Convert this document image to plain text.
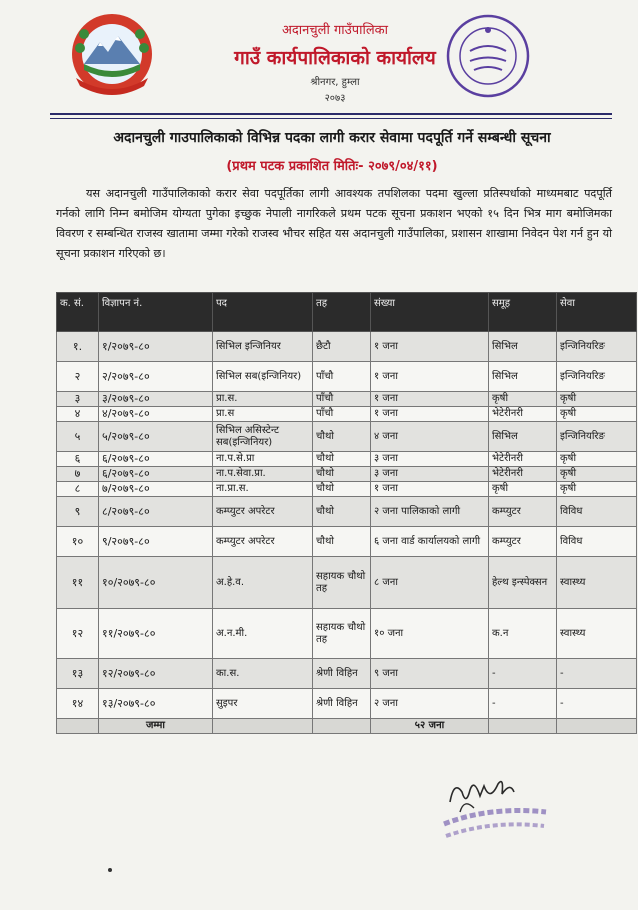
अदानचुली गाउँपालिका
गाउँ कार्यपालिकाको कार्यालय
श्रीनगर, हुम्ला
२०७३
अदानचुली गाउपालिकाको विभिन्न पदका लागी करार सेवामा पदपूर्ति गर्ने सम्बन्धी सूचना
(प्रथम पटक प्रकाशित मितिः- २०७९/०४/११)
यस अदानचुली गाउँपालिकाको करार सेवा पदपूर्तिका लागी आवश्यक तपशिलका पदमा खुल्ला प्रतिस्पर्धाको माध्यमबाट पदपूर्ति गर्नको लागि निम्न बमोजिम योग्यता पुगेका इच्छुक नेपाली नागरिकले प्रथम पटक सूचना प्रकाशन भएको १५ दिन भित्र माग बमोजिमका विवरण र सम्बन्धित राजस्व खातामा जम्मा गरेको राजस्व भौचर सहित यस अदानचुली गाउँपालिका, प्रशासन शाखामा निवेदन पेश गर्न हुन यो सूचना प्रकाशन गरिएको छ।
क. सं.	विज्ञापन नं.	पद	तह	संख्या	समूह	सेवा
१.	१/२०७९-८०	सिभिल इन्जिनियर	छैटौ	१ जना	सिभिल	इन्जिनियरिङ
२	२/२०७९-८०	सिभिल सब(इन्जिनियर)	पाँचौ	१ जना	सिभिल	इन्जिनियरिङ
३	३/२०७९-८०	प्रा.स.	पाँचौ	१ जना	कृषी	कृषी
४	४/२०७९-८०	प्रा.स	पाँचौ	१ जना	भेटेरीनरी	कृषी
५	५/२०७९-८०	सिभिल असिस्टेन्ट सब(इन्जिनियर)	चौथो	४ जना	सिभिल	इन्जिनियरिङ
६	६/२०७९-८०	ना.प.से.प्रा	चौथो	३ जना	भेटेरीनरी	कृषी
७	६/२०७९-८०	ना.प.सेवा.प्रा.	चौथो	३ जना	भेटेरीनरी	कृषी
८	७/२०७९-८०	ना.प्रा.स.	चौथो	१ जना	कृषी	कृषी
९	८/२०७९-८०	कम्प्युटर अपरेटर	चौथो	२ जना पालिकाको लागी	कम्प्युटर	विविध
१०	९/२०७९-८०	कम्प्युटर अपरेटर	चौथो	६ जना वार्ड कार्यालयको लागी	कम्प्युटर	विविध
११	१०/२०७९-८०	अ.हे.व.	सहायक चौथो तह	८ जना	हेल्थ इन्स्पेक्सन	स्वास्थ्य
१२	११/२०७९-८०	अ.न.मी.	सहायक चौथो तह	१० जना	क.न	स्वास्थ्य
१३	१२/२०७९-८०	का.स.	श्रेणी विहिन	९ जना	-	-
१४	१३/२०७९-८०	सुइपर	श्रेणी विहिन	२ जना	-	-
	जम्मा			५२ जना		
